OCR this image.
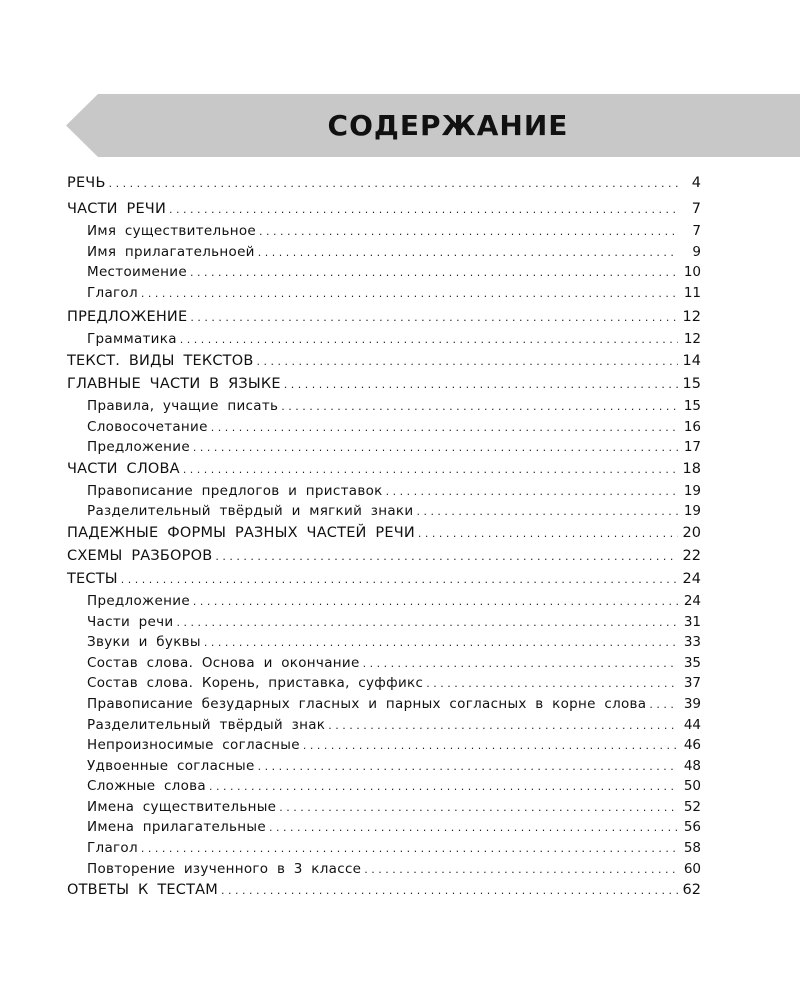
СОДЕРЖАНИЕ
РЕЧЬ . . .	4
ЧАСТИ РЕЧИ . . .	7
Имя существительное . . .	7
Имя прилагательноей . . .	9
Местоимение . . .	10
Глагол . . .	11
ПРЕДЛОЖЕНИЕ . . .	12
Грамматика . . .	12
ТЕКСТ. ВИДЫ ТЕКСТОВ . . .	14
ГЛАВНЫЕ ЧАСТИ В ЯЗЫКЕ . . .	15
Правила, учащие писать . . .	15
Словосочетание . . .	16
Предложение . . .	17
ЧАСТИ СЛОВА . . .	18
Правописание предлогов и приставок . . .	19
Разделительный твёрдый и мягкий знаки . . .	19
ПАДЕЖНЫЕ ФОРМЫ РАЗНЫХ ЧАСТЕЙ РЕЧИ . . .	20
СХЕМЫ РАЗБОРОВ . . .	22
ТЕСТЫ . . .	24
Предложение . . .	24
Части речи . . .	31
Звуки и буквы . . .	33
Состав слова. Основа и окончание . . .	35
Состав слова. Корень, приставка, суффикс . . .	37
Правописание безударных гласных и парных согласных в корне слова . . .	39
Разделительный твёрдый знак . . .	44
Непроизносимые согласные . . .	46
Удвоенные согласные . . .	48
Сложные слова . . .	50
Имена существительные . . .	52
Имена прилагательные . . .	56
Глагол . . .	58
Повторение изученного в 3 классе . . .	60
ОТВЕТЫ К ТЕСТАМ . . .	62
